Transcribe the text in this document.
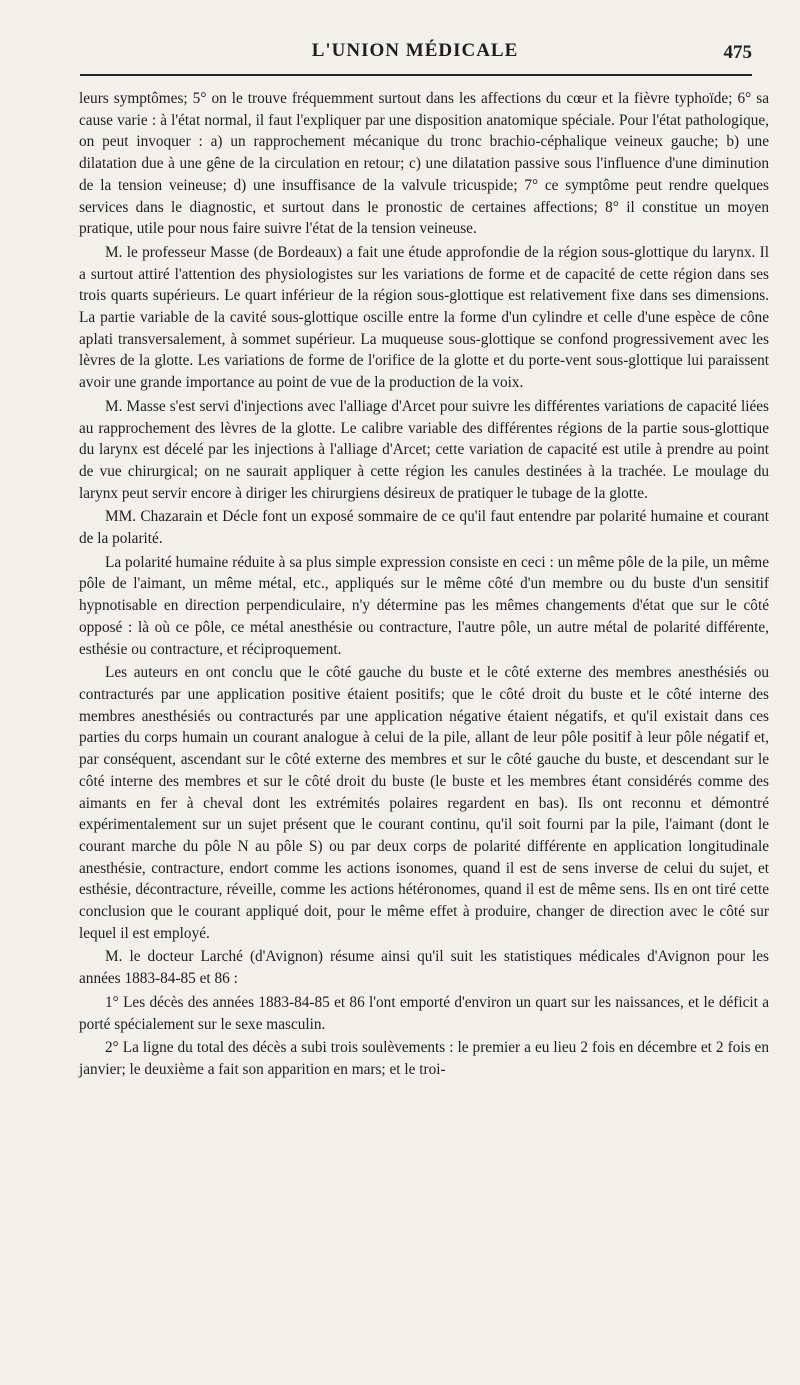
L'UNION MÉDICALE	475

leurs symptômes; 5° on le trouve fréquemment surtout dans les affections du cœur et la fièvre typhoïde; 6° sa cause varie : à l'état normal, il faut l'expliquer par une disposition anatomique spéciale. Pour l'état pathologique, on peut invoquer : a) un rapprochement mécanique du tronc brachio-céphalique veineux gauche; b) une dilatation due à une gêne de la circulation en retour; c) une dilatation passive sous l'influence d'une diminution de la tension veineuse; d) une insuffisance de la valvule tricuspide; 7° ce symptôme peut rendre quelques services dans le diagnostic, et surtout dans le pronostic de certaines affections; 8° il constitue un moyen pratique, utile pour nous faire suivre l'état de la tension veineuse.

M. le professeur Masse (de Bordeaux) a fait une étude approfondie de la région sous-glottique du larynx. Il a surtout attiré l'attention des physiologistes sur les variations de forme et de capacité de cette région dans ses trois quarts supérieurs. Le quart inférieur de la région sous-glottique est relativement fixe dans ses dimensions. La partie variable de la cavité sous-glottique oscille entre la forme d'un cylindre et celle d'une espèce de cône aplati transversalement, à sommet supérieur. La muqueuse sous-glottique se confond progressivement avec les lèvres de la glotte. Les variations de forme de l'orifice de la glotte et du porte-vent sous-glottique lui paraissent avoir une grande importance au point de vue de la production de la voix.

M. Masse s'est servi d'injections avec l'alliage d'Arcet pour suivre les différentes variations de capacité liées au rapprochement des lèvres de la glotte. Le calibre variable des différentes régions de la partie sous-glottique du larynx est décelé par les injections à l'alliage d'Arcet; cette variation de capacité est utile à prendre au point de vue chirurgical; on ne saurait appliquer à cette région les canules destinées à la trachée. Le moulage du larynx peut servir encore à diriger les chirurgiens désireux de pratiquer le tubage de la glotte.

MM. Chazarain et Décle font un exposé sommaire de ce qu'il faut entendre par polarité humaine et courant de la polarité.

La polarité humaine réduite à sa plus simple expression consiste en ceci : un même pôle de la pile, un même pôle de l'aimant, un même métal, etc., appliqués sur le même côté d'un membre ou du buste d'un sensitif hypnotisable en direction perpendiculaire, n'y détermine pas les mêmes changements d'état que sur le côté opposé : là où ce pôle, ce métal anesthésie ou contracture, l'autre pôle, un autre métal de polarité différente, esthésie ou contracture, et réciproquement.

Les auteurs en ont conclu que le côté gauche du buste et le côté externe des membres anesthésiés ou contracturés par une application positive étaient positifs; que le côté droit du buste et le côté interne des membres anesthésiés ou contracturés par une application négative étaient négatifs, et qu'il existait dans ces parties du corps humain un courant analogue à celui de la pile, allant de leur pôle positif à leur pôle négatif et, par conséquent, ascendant sur le côté externe des membres et sur le côté gauche du buste, et descendant sur le côté interne des membres et sur le côté droit du buste (le buste et les membres étant considérés comme des aimants en fer à cheval dont les extrémités polaires regardent en bas). Ils ont reconnu et démontré expérimentalement sur un sujet présent que le courant continu, qu'il soit fourni par la pile, l'aimant (dont le courant marche du pôle N au pôle S) ou par deux corps de polarité différente en application longitudinale anesthésie, contracture, endort comme les actions isonomes, quand il est de sens inverse de celui du sujet, et esthésie, décontracture, réveille, comme les actions hétéronomes, quand il est de même sens. Ils en ont tiré cette conclusion que le courant appliqué doit, pour le même effet à produire, changer de direction avec le côté sur lequel il est employé.

M. le docteur Larché (d'Avignon) résume ainsi qu'il suit les statistiques médicales d'Avignon pour les années 1883-84-85 et 86 :

1° Les décès des années 1883-84-85 et 86 l'ont emporté d'environ un quart sur les naissances, et le déficit a porté spécialement sur le sexe masculin.

2° La ligne du total des décès a subi trois soulèvements : le premier a eu lieu 2 fois en décembre et 2 fois en janvier; le deuxième a fait son apparition en mars; et le troi-
